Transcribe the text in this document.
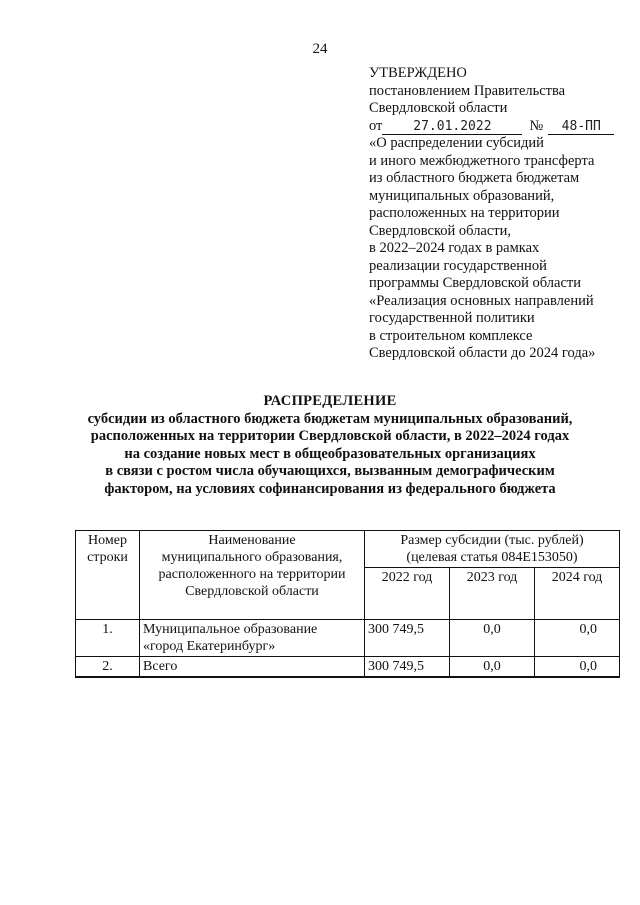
24
УТВЕРЖДЕНО
постановлением Правительства
Свердловской области
от	27.01.2022	№	48-ПП
«О распределении субсидий
и иного межбюджетного трансферта
из областного бюджета бюджетам
муниципальных образований,
расположенных на территории
Свердловской области,
в 2022–2024 годах в рамках
реализации государственной
программы Свердловской области
«Реализация основных направлений
государственной политики
в строительном комплексе
Свердловской области до 2024 года»
РАСПРЕДЕЛЕНИЕ
субсидии из областного бюджета бюджетам муниципальных образований,
расположенных на территории Свердловской области, в 2022–2024 годах
на создание новых мест в общеобразовательных организациях
в связи с ростом числа обучающихся, вызванным демографическим
фактором, на условиях софинансирования из федерального бюджета
Номер
строки	Наименование
муниципального образования,
расположенного на территории
Свердловской области	Размер субсидии (тыс. рублей)
(целевая статья 084E153050)		

		2022 год	2023 год	2024 год
1.	Муниципальное образование
«город Екатеринбург»	300 749,5	0,0	0,0
2.	Всего	300 749,5	0,0	0,0
